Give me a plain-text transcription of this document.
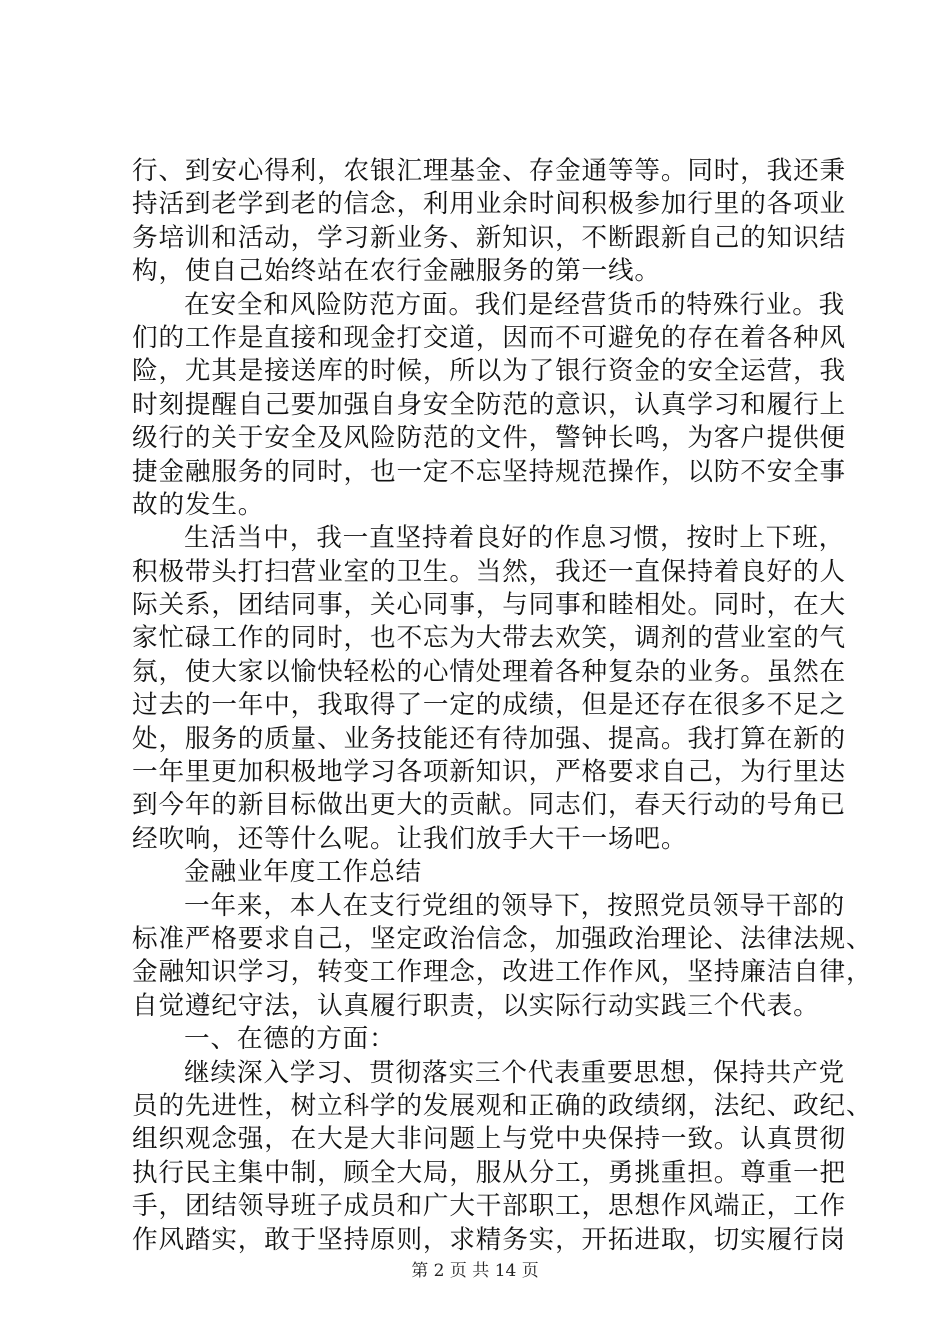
行、到安心得利，农银汇理基金、存金通等等。同时，我还秉
持活到老学到老的信念，利用业余时间积极参加行里的各项业
务培训和活动，学习新业务、新知识，不断跟新自己的知识结
构，使自己始终站在农行金融服务的第一线。
在安全和风险防范方面。我们是经营货币的特殊行业。我
们的工作是直接和现金打交道，因而不可避免的存在着各种风
险，尤其是接送库的时候，所以为了银行资金的安全运营，我
时刻提醒自己要加强自身安全防范的意识，认真学习和履行上
级行的关于安全及风险防范的文件，警钟长鸣，为客户提供便
捷金融服务的同时，也一定不忘坚持规范操作，以防不安全事
故的发生。
生活当中，我一直坚持着良好的作息习惯，按时上下班，
积极带头打扫营业室的卫生。当然，我还一直保持着良好的人
际关系，团结同事，关心同事，与同事和睦相处。同时，在大
家忙碌工作的同时，也不忘为大带去欢笑，调剂的营业室的气
氛，使大家以愉快轻松的心情处理着各种复杂的业务。虽然在
过去的一年中，我取得了一定的成绩，但是还存在很多不足之
处，服务的质量、业务技能还有待加强、提高。我打算在新的
一年里更加积极地学习各项新知识，严格要求自己，为行里达
到今年的新目标做出更大的贡献。同志们，春天行动的号角已
经吹响，还等什么呢。让我们放手大干一场吧。
金融业年度工作总结
一年来，本人在支行党组的领导下，按照党员领导干部的
标准严格要求自己，坚定政治信念，加强政治理论、法律法规、
金融知识学习，转变工作理念，改进工作作风，坚持廉洁自律，
自觉遵纪守法，认真履行职责，以实际行动实践三个代表。
一、在德的方面：
继续深入学习、贯彻落实三个代表重要思想，保持共产党
员的先进性，树立科学的发展观和正确的政绩纲，法纪、政纪、
组织观念强，在大是大非问题上与党中央保持一致。认真贯彻
执行民主集中制，顾全大局，服从分工，勇挑重担。尊重一把
手，团结领导班子成员和广大干部职工，思想作风端正，工作
作风踏实，敢于坚持原则，求精务实，开拓进取，切实履行岗
第 2 页 共 14 页
